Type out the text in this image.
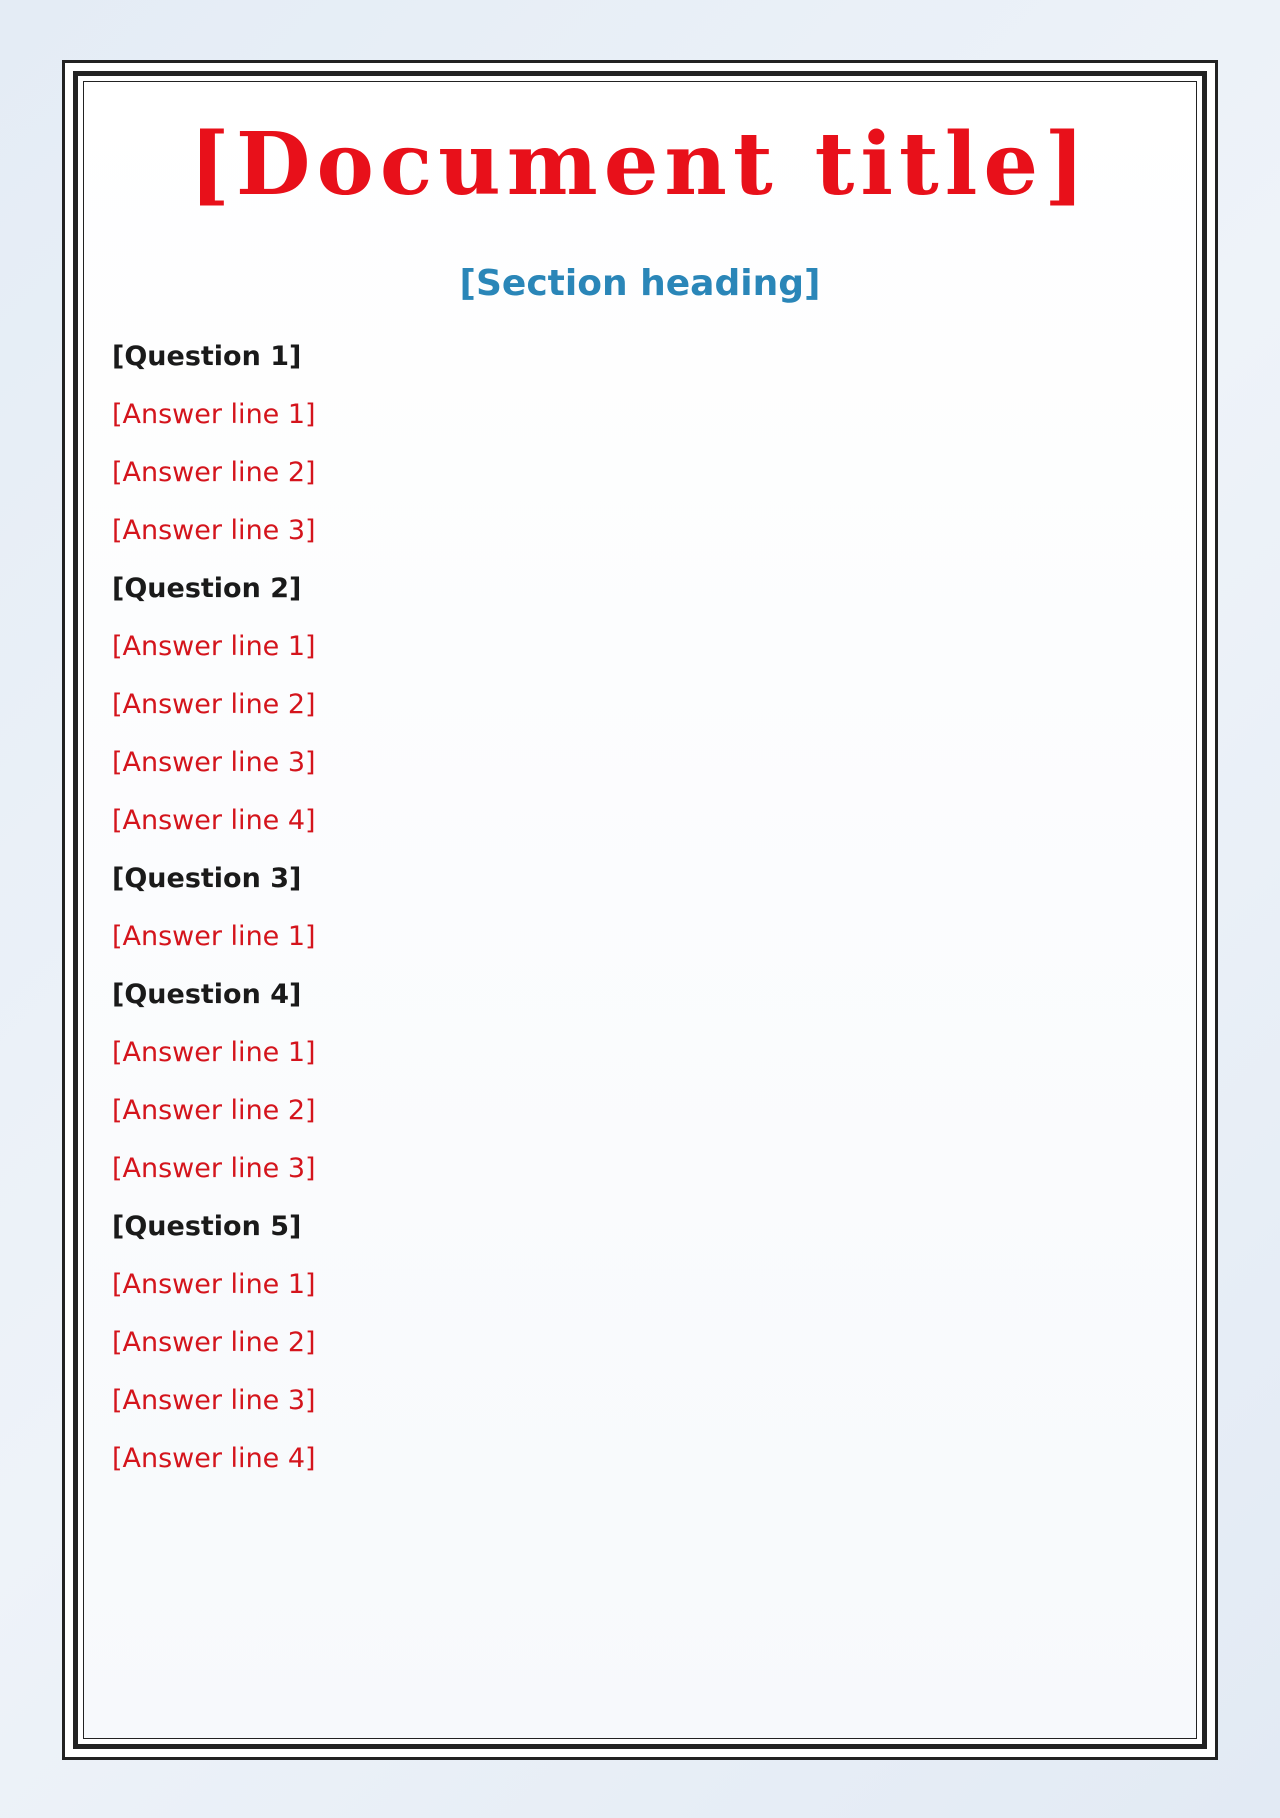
[Document title]
[Section heading]

[Question 1]

[Answer line 1]

[Answer line 2]

[Answer line 3]

[Question 2]

[Answer line 1]

[Answer line 2]

[Answer line 3]

[Answer line 4]

[Question 3]

[Answer line 1]

[Question 4]

[Answer line 1]

[Answer line 2]

[Answer line 3]

[Question 5]

[Answer line 1]

[Answer line 2]

[Answer line 3]

[Answer line 4]
